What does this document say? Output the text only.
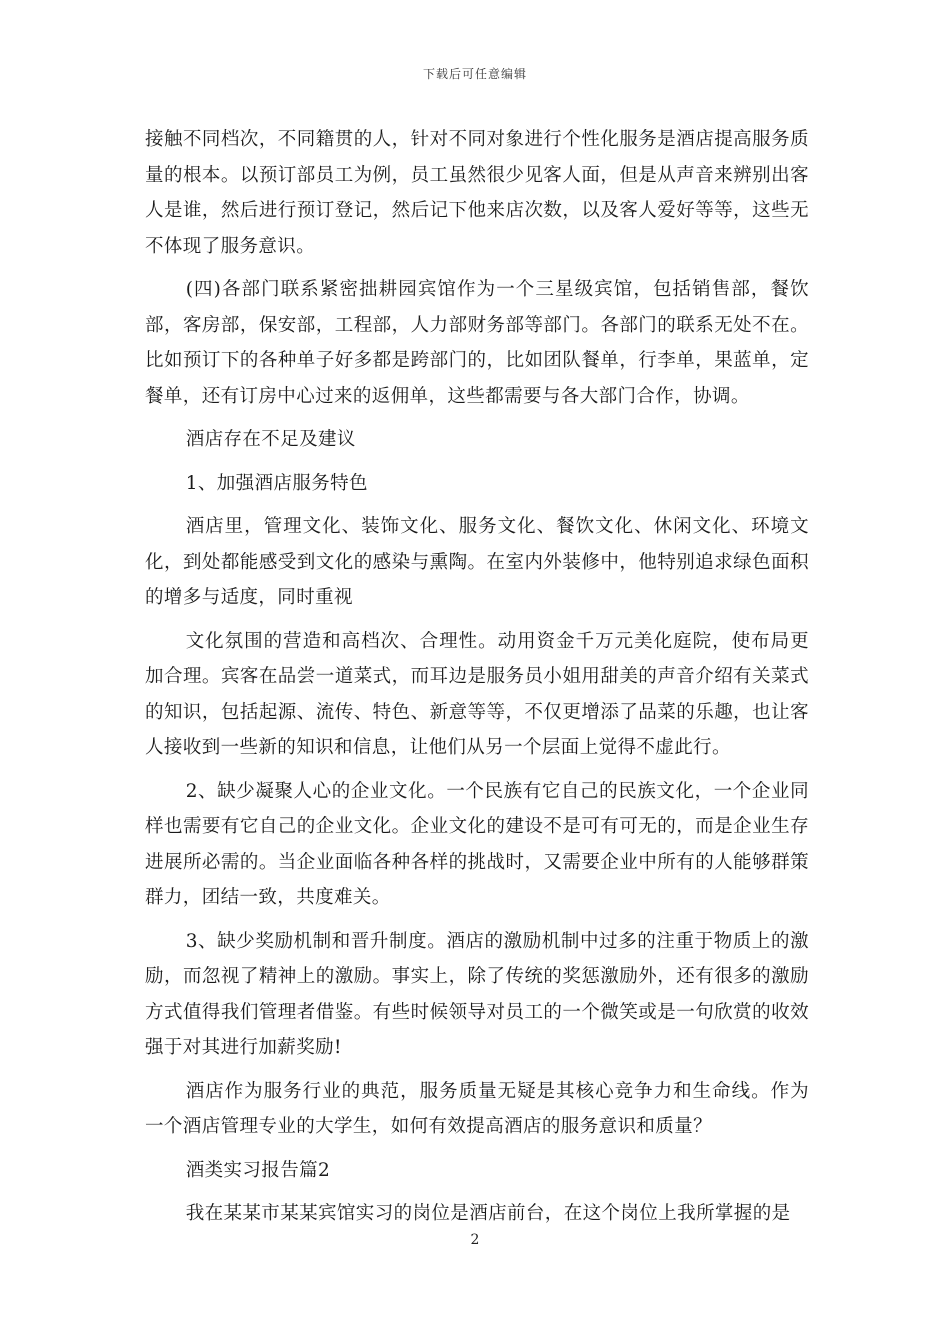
下载后可任意编辑

接触不同档次，不同籍贯的人，针对不同对象进行个性化服务是酒店提高服务质量的根本。以预订部员工为例，员工虽然很少见客人面，但是从声音来辨别出客人是谁，然后进行预订登记，然后记下他来店次数，以及客人爱好等等，这些无不体现了服务意识。

(四)各部门联系紧密拙耕园宾馆作为一个三星级宾馆，包括销售部，餐饮部，客房部，保安部，工程部，人力部财务部等部门。各部门的联系无处不在。比如预订下的各种单子好多都是跨部门的，比如团队餐单，行李单，果蓝单，定餐单，还有订房中心过来的返佣单，这些都需要与各大部门合作，协调。

酒店存在不足及建议

1、加强酒店服务特色

酒店里，管理文化、装饰文化、服务文化、餐饮文化、休闲文化、环境文化，到处都能感受到文化的感染与熏陶。在室内外装修中，他特别追求绿色面积的增多与适度，同时重视

文化氛围的营造和高档次、合理性。动用资金千万元美化庭院，使布局更加合理。宾客在品尝一道菜式，而耳边是服务员小姐用甜美的声音介绍有关菜式的知识，包括起源、流传、特色、新意等等，不仅更增添了品菜的乐趣，也让客人接收到一些新的知识和信息，让他们从另一个层面上觉得不虚此行。

2、缺少凝聚人心的企业文化。一个民族有它自己的民族文化，一个企业同样也需要有它自己的企业文化。企业文化的建设不是可有可无的，而是企业生存进展所必需的。当企业面临各种各样的挑战时，又需要企业中所有的人能够群策群力，团结一致，共度难关。

3、缺少奖励机制和晋升制度。酒店的激励机制中过多的注重于物质上的激励，而忽视了精神上的激励。事实上，除了传统的奖惩激励外，还有很多的激励方式值得我们管理者借鉴。有些时候领导对员工的一个微笑或是一句欣赏的收效强于对其进行加薪奖励!

酒店作为服务行业的典范，服务质量无疑是其核心竞争力和生命线。作为一个酒店管理专业的大学生，如何有效提高酒店的服务意识和质量？

酒类实习报告篇2

我在某某市某某宾馆实习的岗位是酒店前台，在这个岗位上我所掌握的是

2
